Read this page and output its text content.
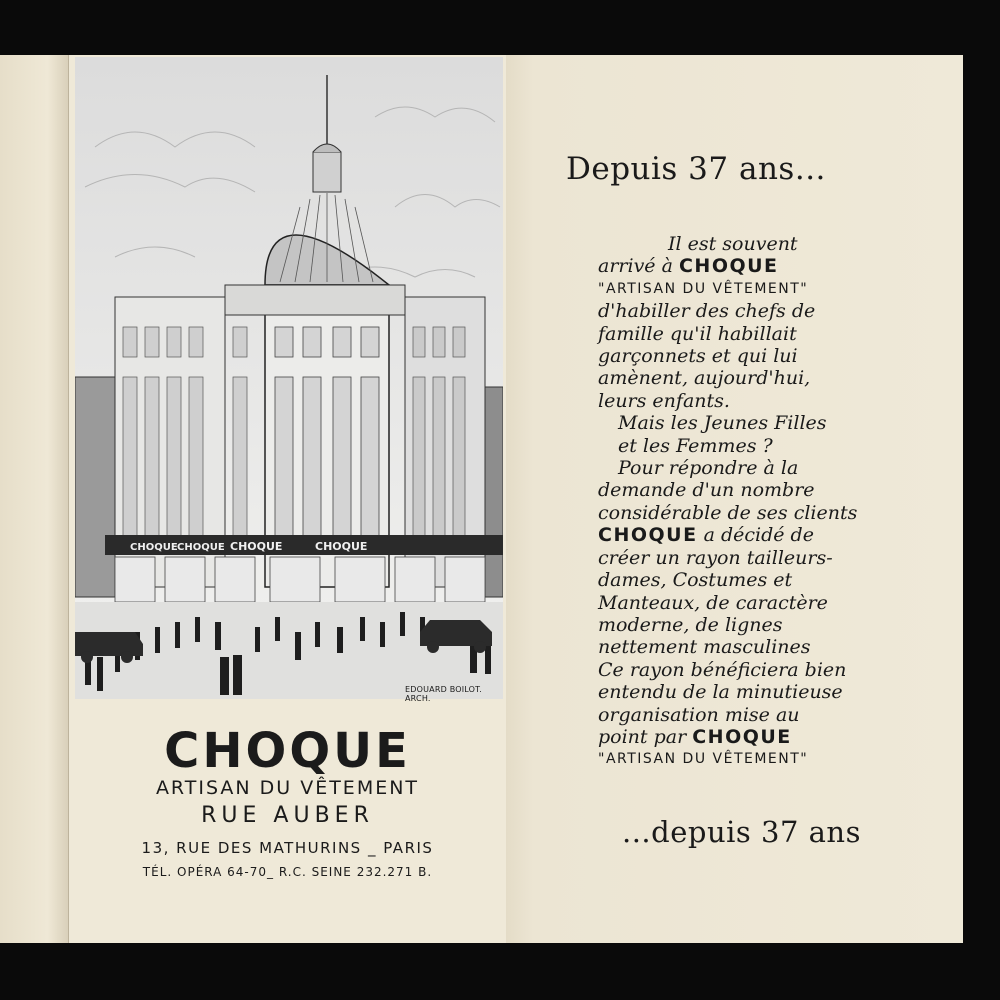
CHOQUE CHOQUE CHOQUE	CHOQUE
EDOUARD BOILOT. ARCH.
CHOQUE
ARTISAN DU VÊTEMENT
RUE AUBER
13, RUE DES MATHURINS _ PARIS
TÉL. OPÉRA 64-70_ R.C. SEINE 232.271 B.
Depuis 37 ans...
Il est souvent
arrivé à CHOQUE
"ARTISAN DU VÊTEMENT"
d'habiller des chefs de
famille qu'il habillait
garçonnets et qui lui
amènent, aujourd'hui,
leurs enfants.
Mais les Jeunes Filles
et les Femmes ?
Pour répondre à la
demande d'un nombre
considérable de ses clients
CHOQUE a décidé de
créer un rayon tailleurs-
dames, Costumes et
Manteaux, de caractère
moderne, de lignes
nettement masculines
Ce rayon bénéficiera bien
entendu de la minutieuse
organisation mise au
point par CHOQUE
"ARTISAN DU VÊTEMENT"
...depuis 37 ans
